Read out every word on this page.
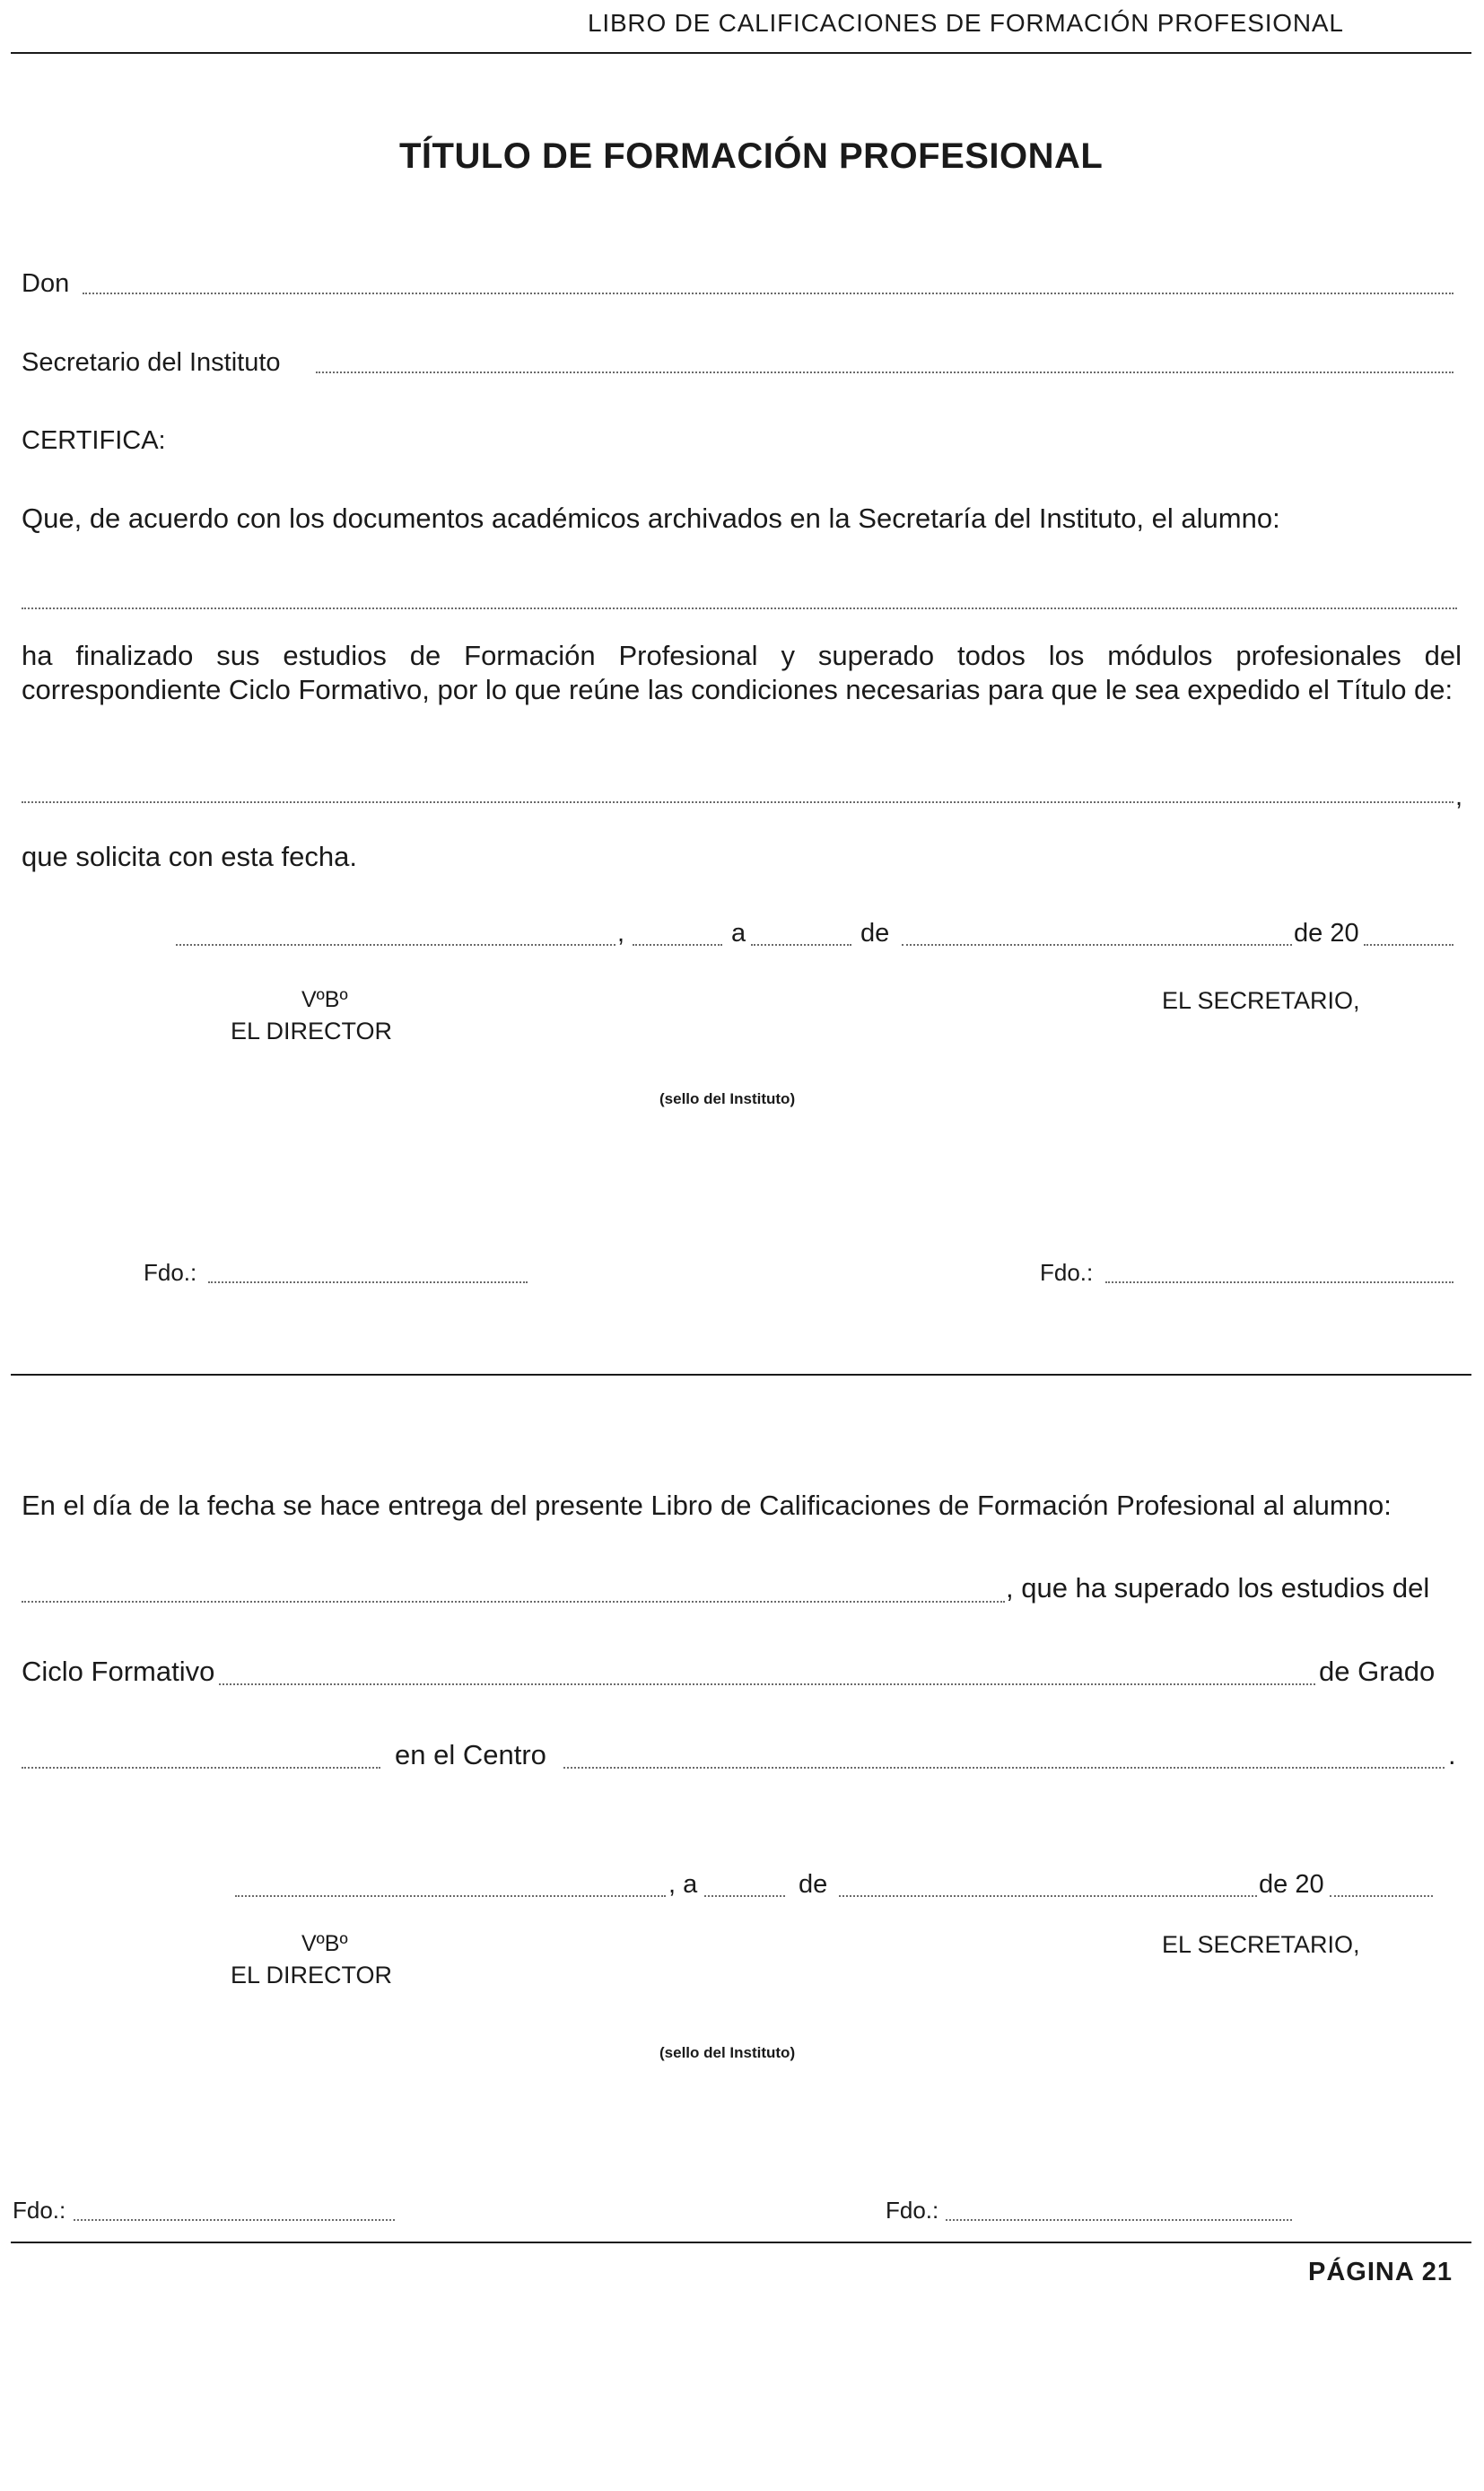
LIBRO DE CALIFICACIONES DE FORMACIÓN PROFESIONAL
TÍTULO DE FORMACIÓN PROFESIONAL
Don
Secretario del Instituto
CERTIFICA:
Que, de acuerdo con los documentos académicos archivados en la Secretaría del Instituto, el alumno:
ha finalizado sus estudios de Formación Profesional y superado todos los módulos profesionales del correspondiente Ciclo Formativo, por lo que reúne las condiciones necesarias para que le sea expedido el Título de:
,
que solicita con esta fecha.
,	a	de	de 20
VºBº
EL DIRECTOR
EL SECRETARIO,
(sello del Instituto)
Fdo.:	Fdo.:
En el día de la fecha se hace entrega del presente Libro de Calificaciones de Formación Profesional al alumno:
, que ha superado los estudios del
Ciclo Formativo	de Grado
en el Centro	.
, a	de	de 20
VºBº
EL DIRECTOR
EL SECRETARIO,
(sello del Instituto)
Fdo.:	Fdo.:
PÁGINA 21
